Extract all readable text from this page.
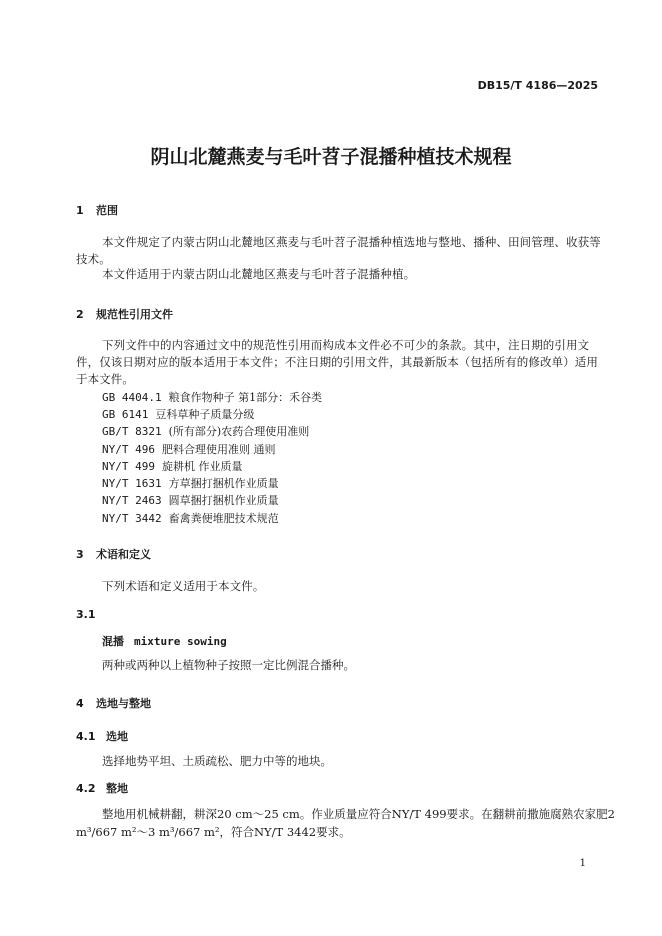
DB15/T 4186—2025
阴山北麓燕麦与毛叶苕子混播种植技术规程
1 范围
本文件规定了内蒙古阴山北麓地区燕麦与毛叶苕子混播种植选地与整地、播种、田间管理、收获等技术。
本文件适用于内蒙古阴山北麓地区燕麦与毛叶苕子混播种植。
2 规范性引用文件
下列文件中的内容通过文中的规范性引用而构成本文件必不可少的条款。其中，注日期的引用文件，仅该日期对应的版本适用于本文件；不注日期的引用文件，其最新版本（包括所有的修改单）适用于本文件。
GB 4404.1 粮食作物种子 第1部分：禾谷类
GB 6141 豆科草种子质量分级
GB/T 8321 (所有部分)农药合理使用准则
NY/T 496 肥料合理使用准则 通则
NY/T 499 旋耕机 作业质量
NY/T 1631 方草捆打捆机作业质量
NY/T 2463 圆草捆打捆机作业质量
NY/T 3442 畜禽粪便堆肥技术规范
3 术语和定义
下列术语和定义适用于本文件。
3.1
混播 mixture sowing
两种或两种以上植物种子按照一定比例混合播种。
4 选地与整地
4.1 选地
选择地势平坦、土质疏松、肥力中等的地块。
4.2 整地
整地用机械耕翻，耕深20 cm～25 cm。作业质量应符合NY/T 499要求。在翻耕前撒施腐熟农家肥2
m³/667 m²～3 m³/667 m²，符合NY/T 3442要求。
1
